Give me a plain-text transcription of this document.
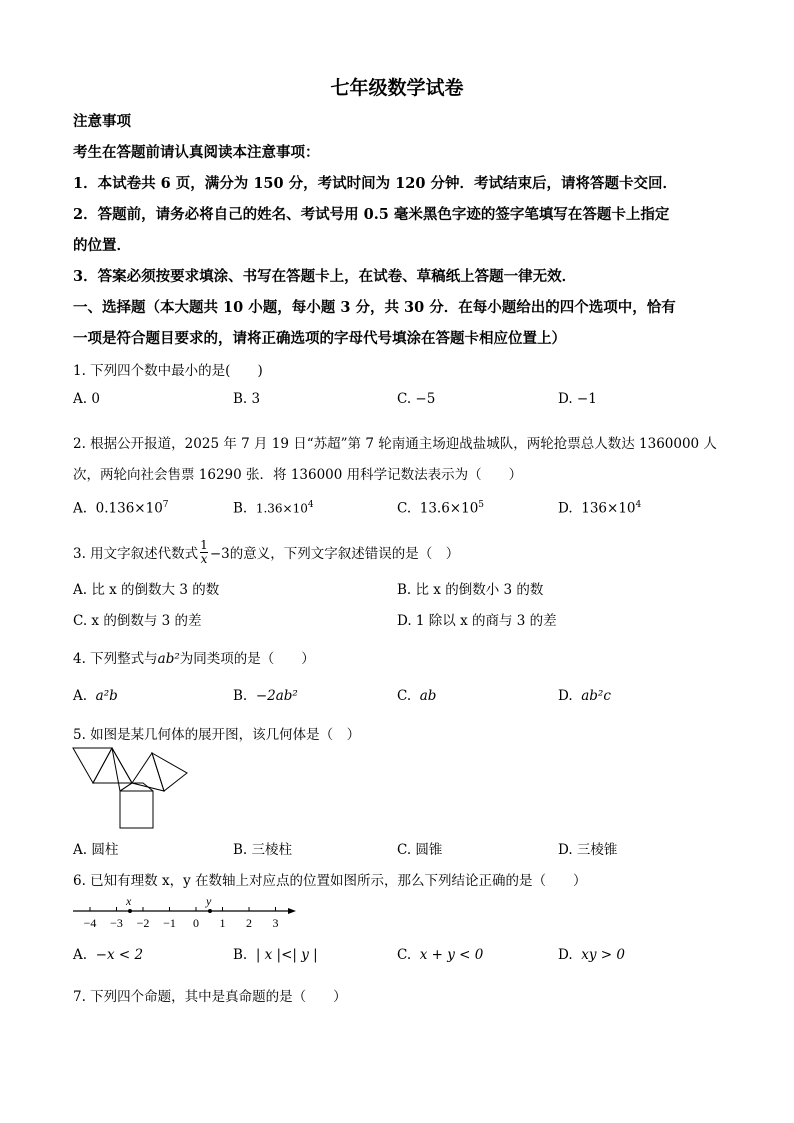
七年级数学试卷
注意事项
考生在答题前请认真阅读本注意事项：
1．本试卷共 6 页，满分为 150 分，考试时间为 120 分钟．考试结束后，请将答题卡交回．
2．答题前，请务必将自己的姓名、考试号用 0.5 毫米黑色字迹的签字笔填写在答题卡上指定
的位置．
3．答案必须按要求填涂、书写在答题卡上，在试卷、草稿纸上答题一律无效．
一、选择题（本大题共 10 小题，每小题 3 分，共 30 分．在每小题给出的四个选项中，恰有
一项是符合题目要求的，请将正确选项的字母代号填涂在答题卡相应位置上）
1. 下列四个数中最小的是(　　)
A. 0	B. 3	C. −5	D. −1
2. 根据公开报道，2025 年 7 月 19 日“苏超”第 7 轮南通主场迎战盐城队，两轮抢票总人数达 1360000 人
次，两轮向社会售票 16290 张．将 136000 用科学记数法表示为（　　）
A. $0.136\times 10^7$	B. $1.36\times 10^4$	C. $13.6\times 10^5$	D. $136\times 10^4$
3. 用文字叙述代数式 $\frac{1}{x} -3$的意义，下列文字叙述错误的是（　）
A. 比 x 的倒数大 3 的数	B. 比 x 的倒数小 3 的数
C. x 的倒数与 3 的差	D. 1 除以 x 的商与 3 的差
4. 下列整式与ab²为同类项的是（　　）
A. a²b	B. −2ab²	C. ab	D. ab²c
5. 如图是某几何体的展开图，该几何体是（　）
A. 圆柱	B. 三棱柱	C. 圆锥	D. 三棱锥
6. 已知有理数 x，y 在数轴上对应点的位置如图所示，那么下列结论正确的是（　　）
−4 −3 −2 −1 0 1 2 3
x	y
A. −x < 2	B. | x |<| y |	C. x + y < 0	D. xy > 0
7. 下列四个命题，其中是真命题的是（　　）
